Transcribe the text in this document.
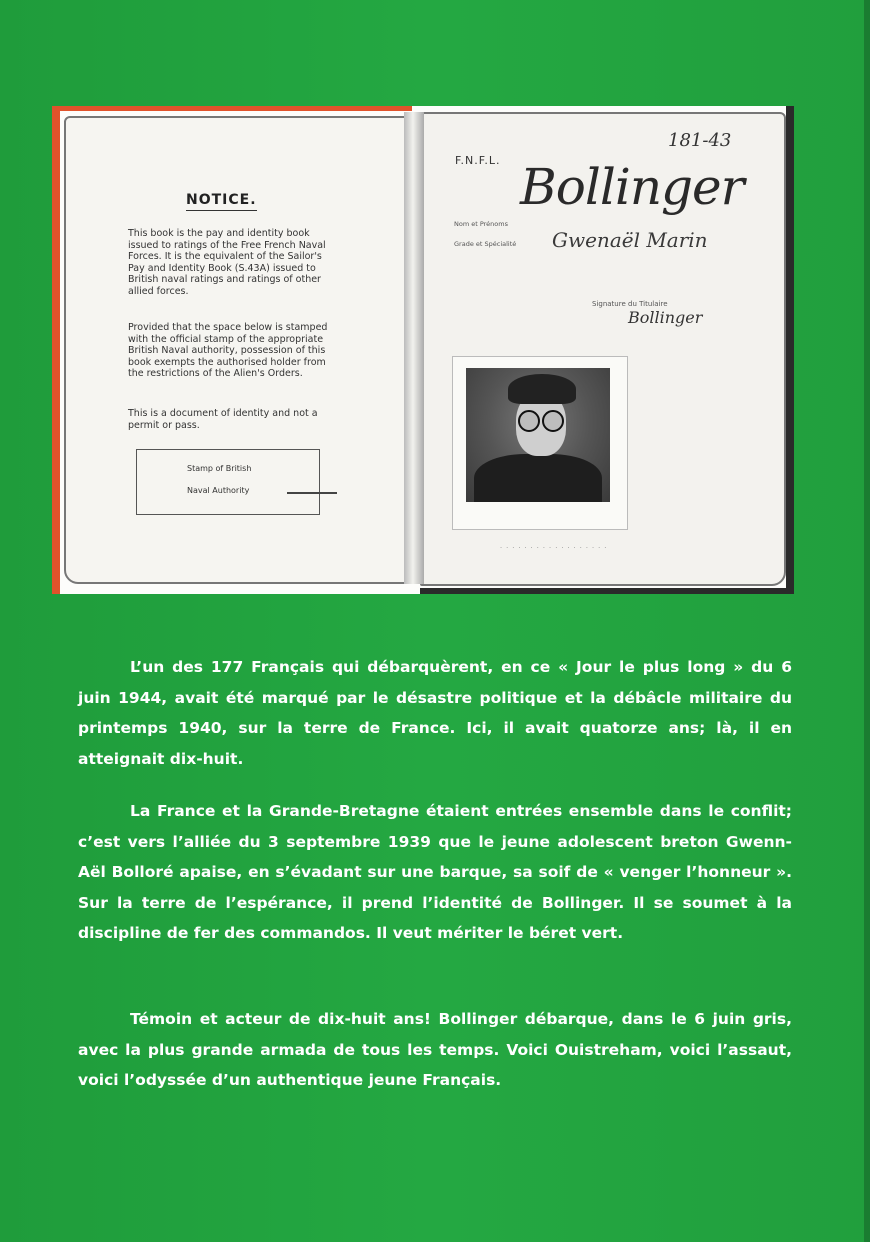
NOTICE.

This book is the pay and identity book issued to ratings of the Free French Naval Forces. It is the equivalent of the Sailor's Pay and Identity Book (S.43A) issued to British naval ratings and ratings of other allied forces.

Provided that the space below is stamped with the official stamp of the appropriate British Naval authority, possession of this book exempts the authorised holder from the restrictions of the Alien's Orders.

This is a document of identity and not a permit or pass.

Stamp of British
Naval Authority
F.N.F.L.
181-43
Nom et Prénoms
Grade et Spécialité
Bollinger
Gwenaël Marin
Signature du Titulaire
Bollinger
· · · · · · · · · · · · · · · · · ·

L’un des 177 Français qui débarquèrent, en ce « Jour le plus long » du 6 juin 1944, avait été marqué par le désastre politique et la débâcle militaire du printemps 1940, sur la terre de France. Ici, il avait quatorze ans; là, il en atteignait dix-huit.

La France et la Grande-Bretagne étaient entrées ensemble dans le conflit; c’est vers l’alliée du 3 septembre 1939 que le jeune adolescent breton Gwenn-Aël Bolloré apaise, en s’évadant sur une barque, sa soif de « venger l’honneur ». Sur la terre de l’espérance, il prend l’identité de Bollinger. Il se soumet à la discipline de fer des commandos. Il veut mériter le béret vert.

Témoin et acteur de dix-huit ans! Bollinger débarque, dans le 6 juin gris, avec la plus grande armada de tous les temps. Voici Ouistreham, voici l’assaut, voici l’odyssée d’un authentique jeune Français.
